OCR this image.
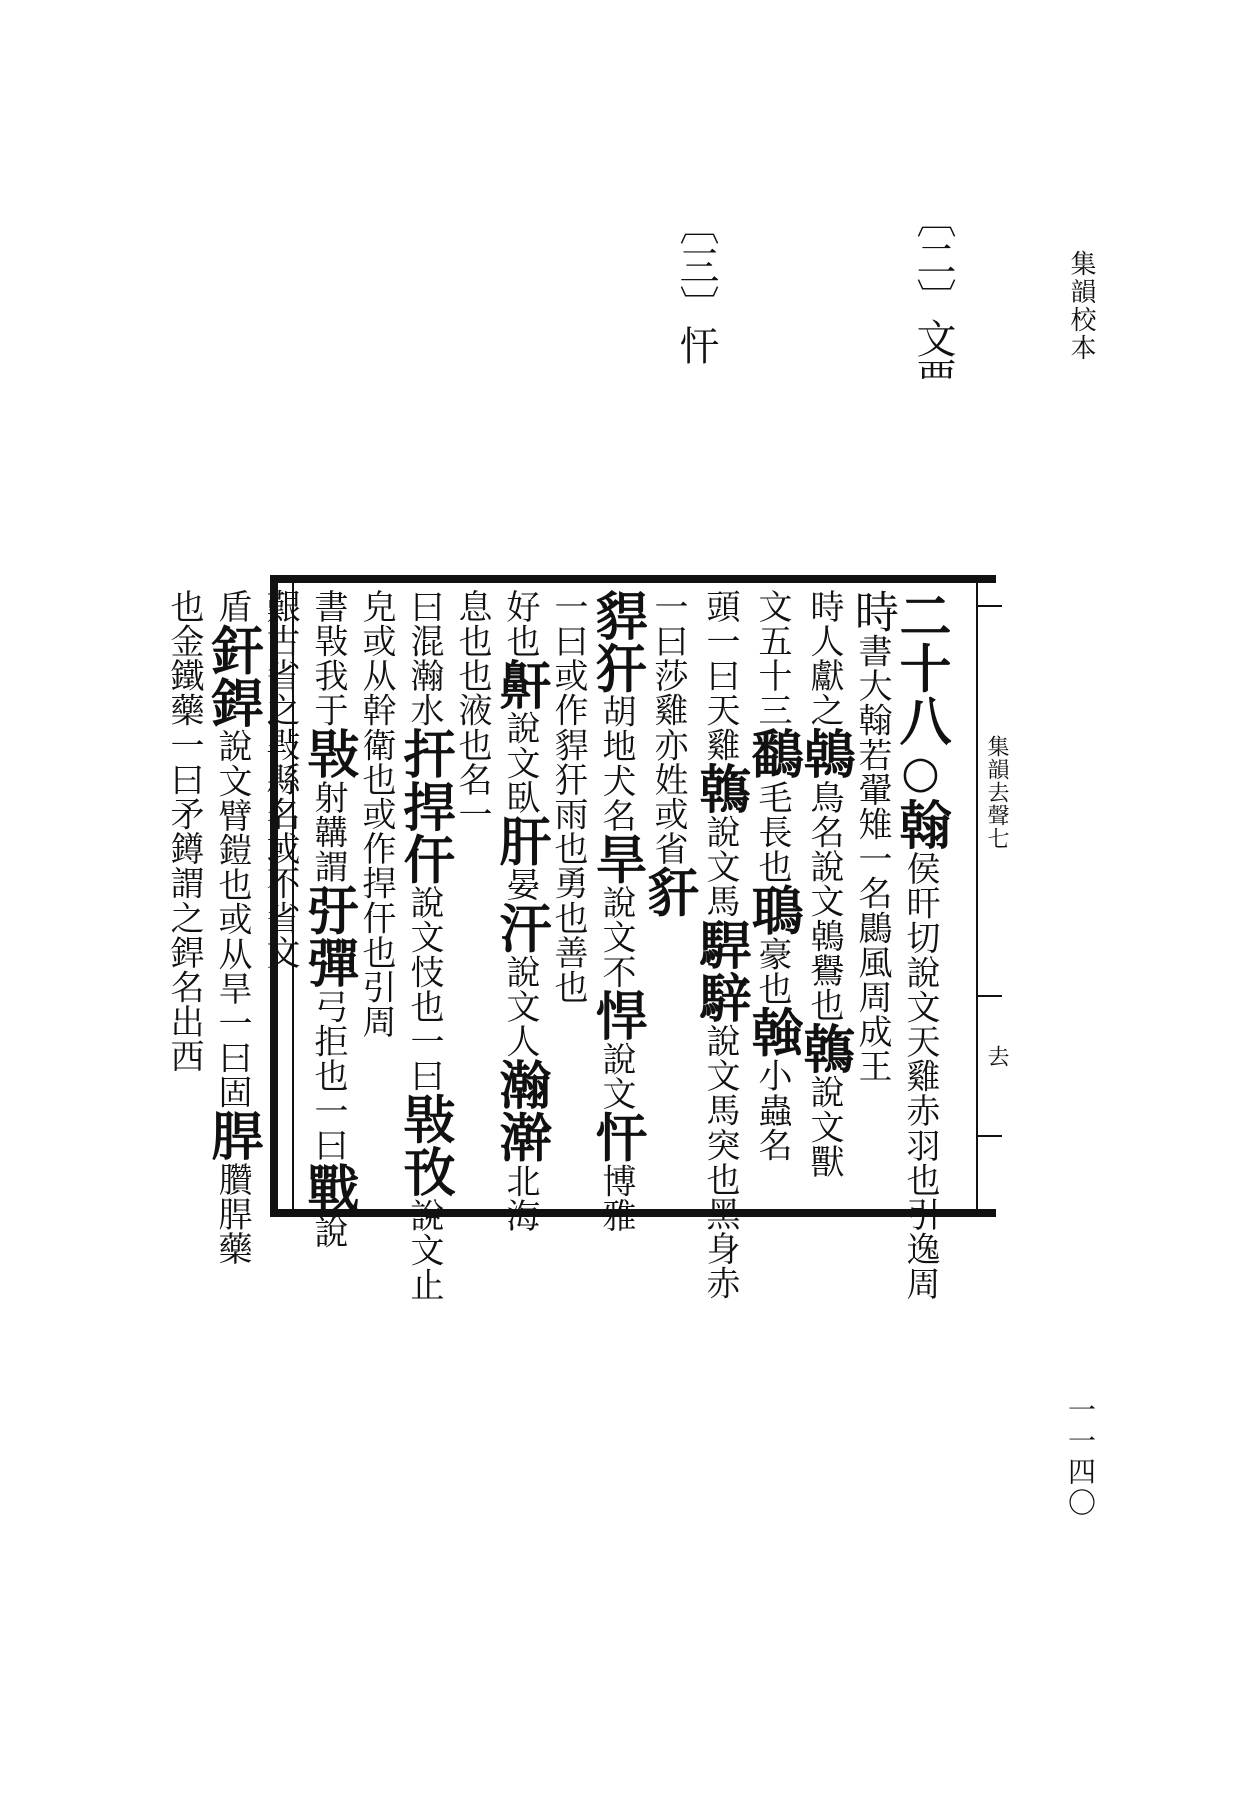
集韻校本
一一四〇
〔二〕文覀
〔三〕忓
二十八○翰侯旰切說文天雞赤羽也引逸周
時書大翰若翬雉一名鷐風周成王
時人獻之鵫鳥名說文鵫鸒也鶾說文獸
文五十三鷭毛長也鵈豪也螒小蟲名
頭一曰天雞鶾說文馬駻騂說文馬突也黑身赤
一曰莎雞亦姓或省豻
貋犴胡地犬名旱說文不悍說文忓博雅
一曰或作貋犴雨也勇也善也
好也鼾說文臥肝晏汗說文人瀚澣北海
息也也液也名一
曰混瀚水扞捍仠說文忮也一曰㪋攼說文止
皃或从幹衛也或作捍仠也引周
書㪋我于㪋射韝謂弙彈弓拒也一曰戰說
艱古省之㪋縣名或不省文
盾釬銲說文臂鎧也或从旱一曰固䏷臢䏷藥
也金鐵藥一曰矛鐏謂之銲名出西
集韻去聲七
去
